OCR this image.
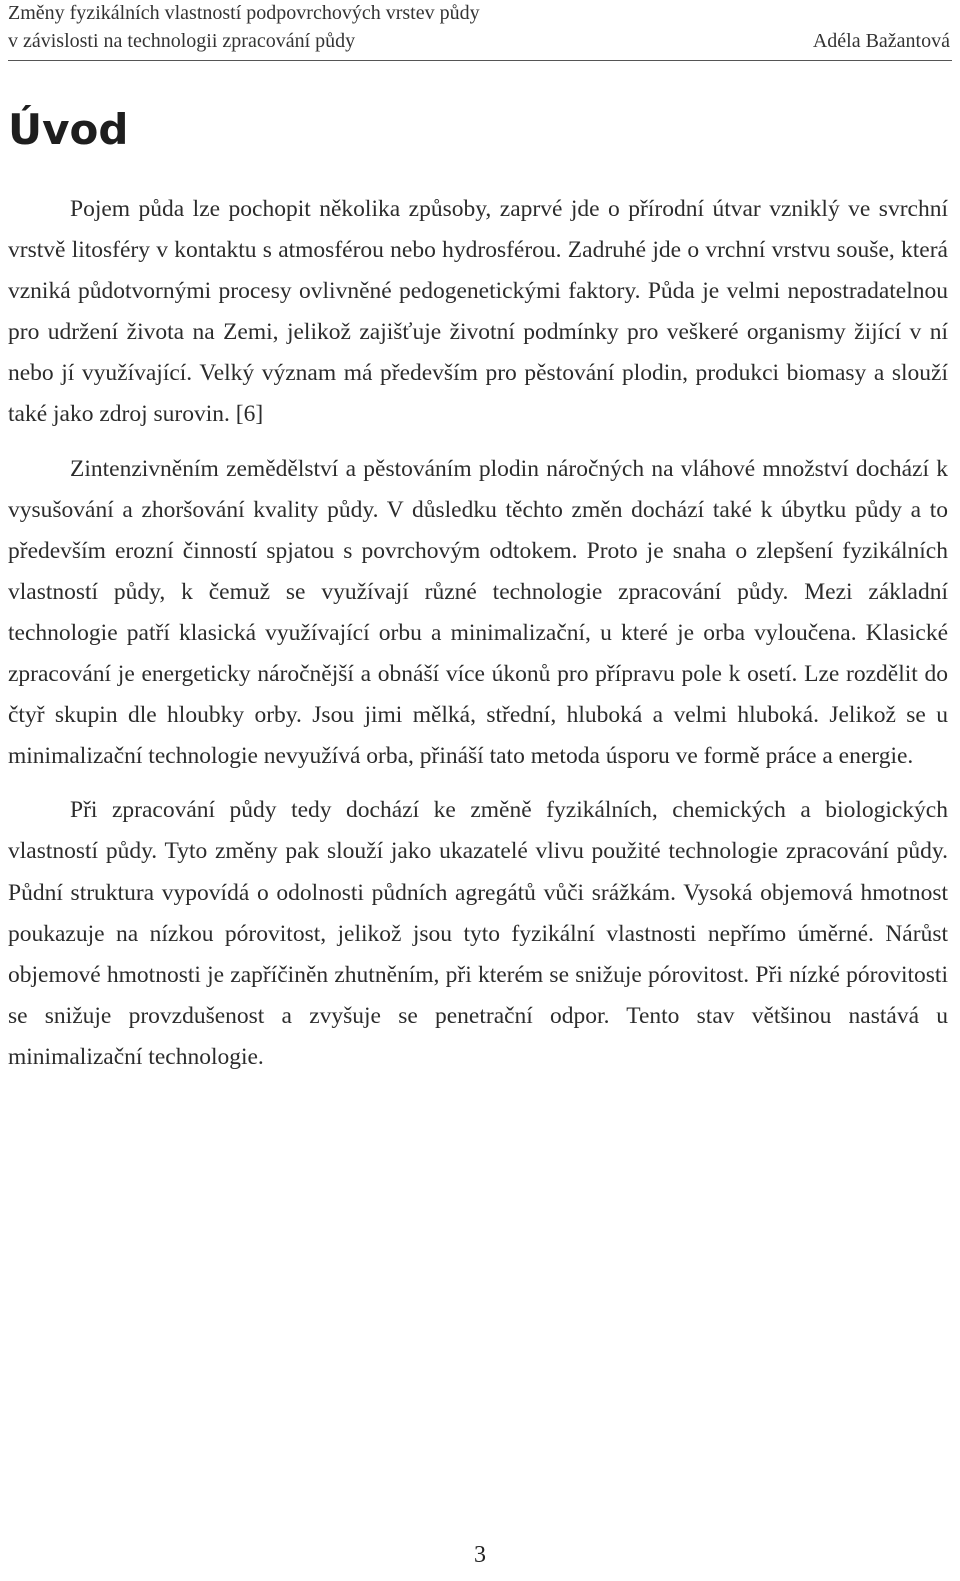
Změny fyzikálních vlastností podpovrchových vrstev půdy
v závislosti na technologii zpracování půdy	Adéla Bažantová
Úvod

Pojem půda lze pochopit několika způsoby, zaprvé jde o přírodní útvar vzniklý ve svrchní vrstvě litosféry v kontaktu s atmosférou nebo hydrosférou. Zadruhé jde o vrchní vrstvu souše, která vzniká půdotvornými procesy ovlivněné pedogenetickými faktory. Půda je velmi nepostradatelnou pro udržení života na Zemi, jelikož zajišťuje životní podmínky pro veškeré organismy žijící v ní nebo jí využívající. Velký význam má především pro pěstování plodin, produkci biomasy a slouží také jako zdroj surovin. [6]

Zintenzivněním zemědělství a pěstováním plodin náročných na vláhové množství dochází k vysušování a zhoršování kvality půdy. V důsledku těchto změn dochází také k úbytku půdy a to především erozní činností spjatou s povrchovým odtokem. Proto je snaha o zlepšení fyzikálních vlastností půdy, k čemuž se využívají různé technologie zpracování půdy. Mezi základní technologie patří klasická využívající orbu a minimalizační, u které je orba vyloučena. Klasické zpracování je energeticky náročnější a obnáší více úkonů pro přípravu pole k osetí. Lze rozdělit do čtyř skupin dle hloubky orby. Jsou jimi mělká, střední, hluboká a velmi hluboká. Jelikož se u minimalizační technologie nevyužívá orba, přináší tato metoda úsporu ve formě práce a energie.

Při zpracování půdy tedy dochází ke změně fyzikálních, chemických a biologických vlastností půdy. Tyto změny pak slouží jako ukazatelé vlivu použité technologie zpracování půdy. Půdní struktura vypovídá o odolnosti půdních agregátů vůči srážkám. Vysoká objemová hmotnost poukazuje na nízkou pórovitost, jelikož jsou tyto fyzikální vlastnosti nepřímo úměrné. Nárůst objemové hmotnosti je zapříčiněn zhutněním, při kterém se snižuje pórovitost. Při nízké pórovitosti se snižuje provzdušenost a zvyšuje se penetrační odpor. Tento stav většinou nastává u minimalizační technologie.

3
